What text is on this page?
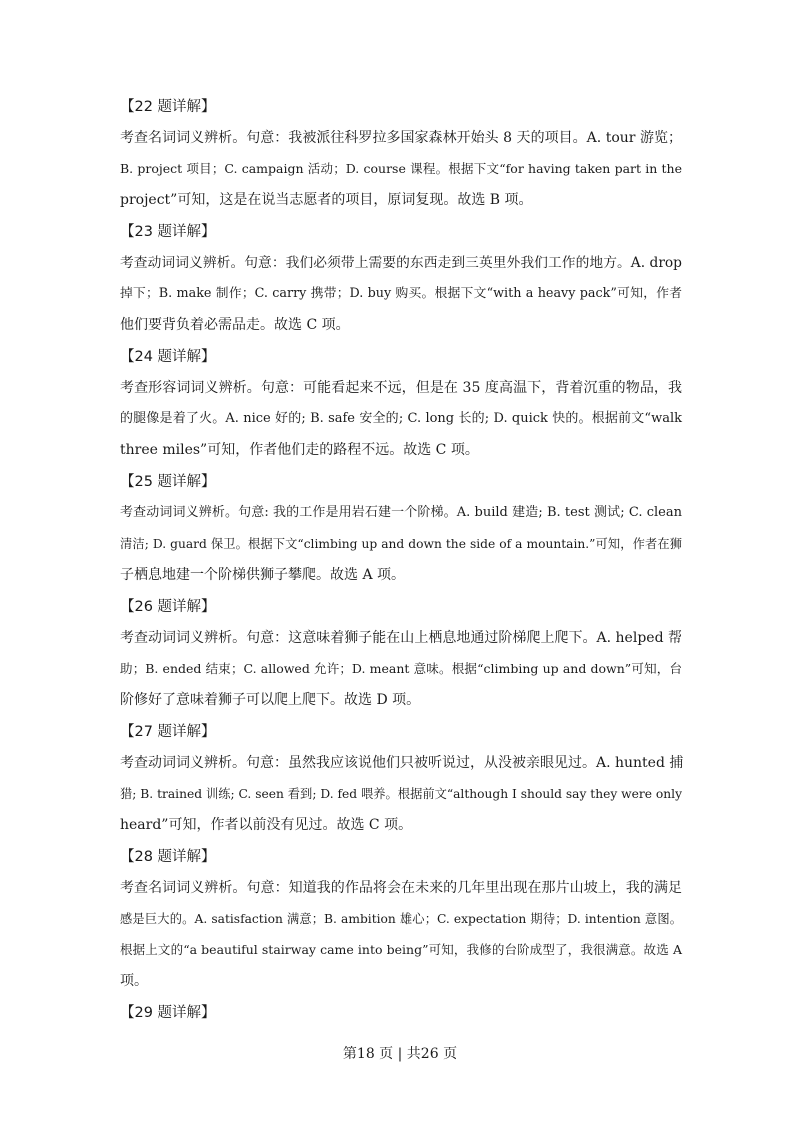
【22 题详解】

考查名词词义辨析。句意：我被派往科罗拉多国家森林开始头 8 天的项目。A. tour 游览；

B. project 项目；C. campaign 活动；D. course 课程。根据下文“for having taken part in the

project”可知，这是在说当志愿者的项目，原词复现。故选 B 项。

【23 题详解】

考查动词词义辨析。句意：我们必须带上需要的东西走到三英里外我们工作的地方。A. drop

掉下；B. make 制作；C. carry 携带；D. buy 购买。根据下文“with a heavy pack”可知，作者

他们要背负着必需品走。故选 C 项。

【24 题详解】

考查形容词词义辨析。句意：可能看起来不远，但是在 35 度高温下，背着沉重的物品，我

的腿像是着了火。A. nice 好的; B. safe 安全的; C. long 长的; D. quick 快的。根据前文“walk

three miles”可知，作者他们走的路程不远。故选 C 项。

【25 题详解】

考查动词词义辨析。句意: 我的工作是用岩石建一个阶梯。A. build 建造; B. test 测试; C. clean

清洁; D. guard 保卫。根据下文“climbing up and down the side of a mountain.”可知，作者在狮

子栖息地建一个阶梯供狮子攀爬。故选 A 项。

【26 题详解】

考查动词词义辨析。句意：这意味着狮子能在山上栖息地通过阶梯爬上爬下。A. helped 帮

助；B. ended 结束；C. allowed 允许；D. meant 意味。根据“climbing up and down”可知，台

阶修好了意味着狮子可以爬上爬下。故选 D 项。

【27 题详解】

考查动词词义辨析。句意：虽然我应该说他们只被听说过，从没被亲眼见过。A. hunted 捕

猎; B. trained 训练; C. seen 看到; D. fed 喂养。根据前文“although I should say they were only

heard”可知，作者以前没有见过。故选 C 项。

【28 题详解】

考查名词词义辨析。句意：知道我的作品将会在未来的几年里出现在那片山坡上，我的满足

感是巨大的。A. satisfaction 满意；B. ambition 雄心；C. expectation 期待；D. intention 意图。

根据上文的“a beautiful stairway came into being”可知，我修的台阶成型了，我很满意。故选 A

项。

【29 题详解】

第18 页 | 共26 页
